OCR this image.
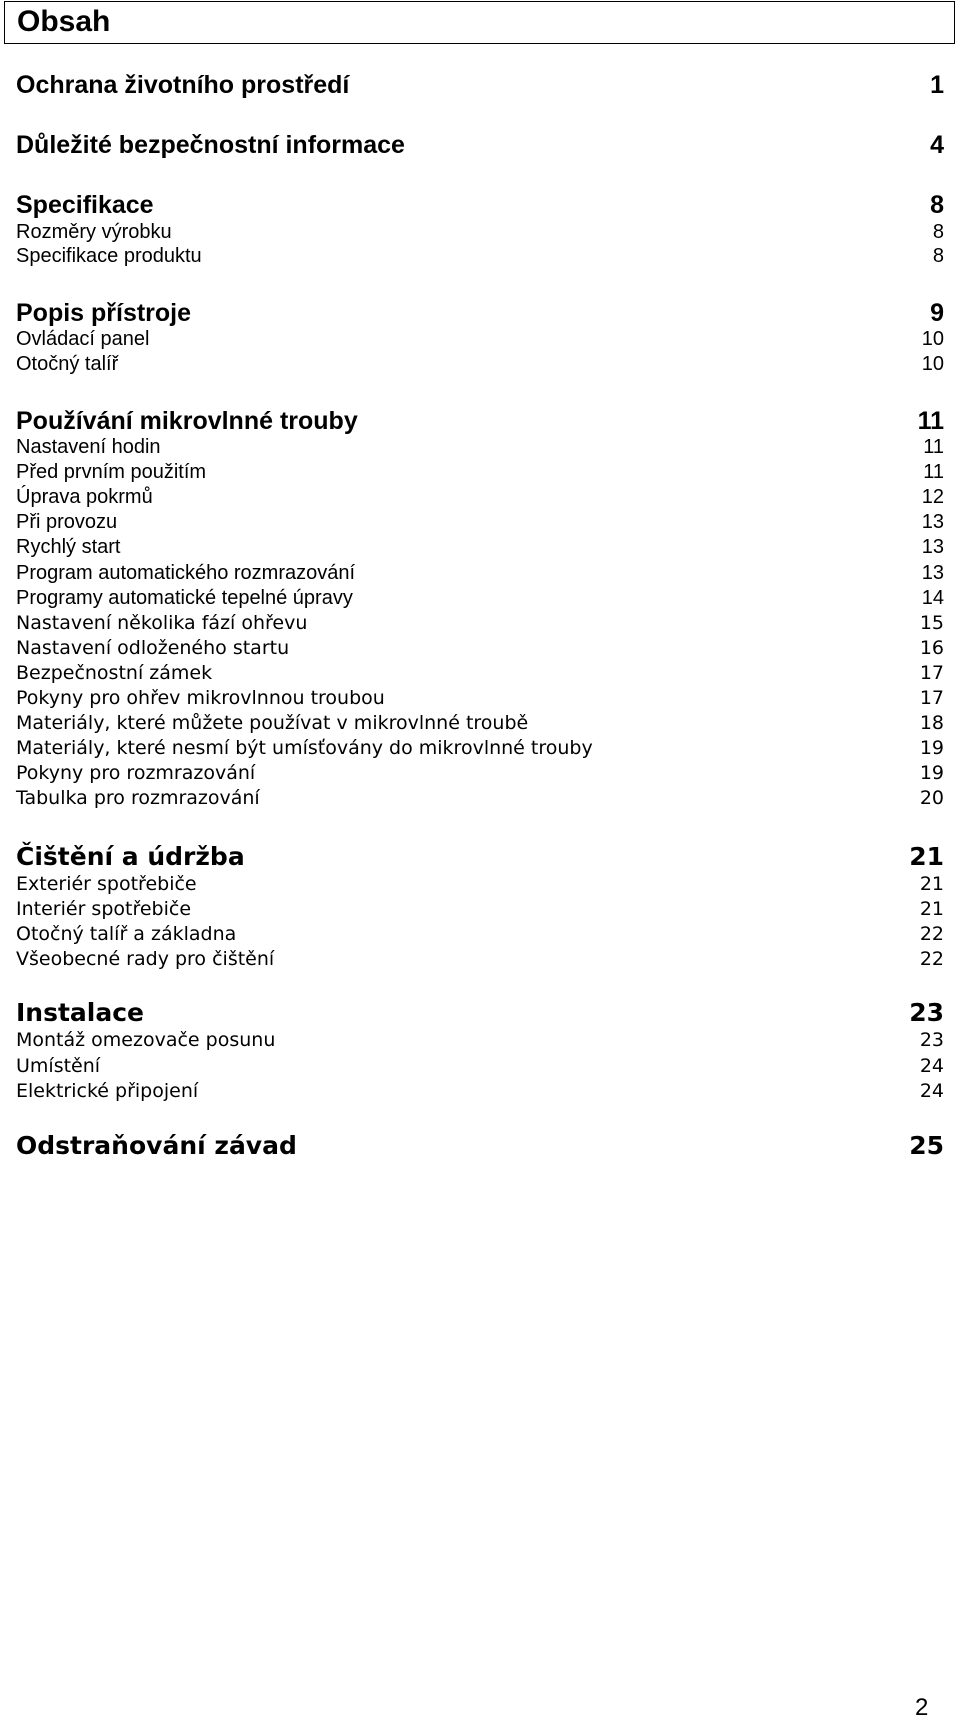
Obsah
Ochrana životního prostředí	1
Důležité bezpečnostní informace	4
Specifikace	8
Rozměry výrobku	8
Specifikace produktu	8
Popis přístroje	9
Ovládací panel	10
Otočný talíř	10
Používání mikrovlnné trouby	11
Nastavení hodin	11
Před prvním použitím	11
Úprava pokrmů	12
Při provozu	13
Rychlý start	13
Program automatického rozmrazování	13
Programy automatické tepelné úpravy	14
Nastavení několika fází ohřevu	15
Nastavení odloženého startu	16
Bezpečnostní zámek	17
Pokyny pro ohřev mikrovlnnou troubou	17
Materiály, které můžete používat v mikrovlnné troubě	18
Materiály, které nesmí být umísťovány do mikrovlnné trouby	19
Pokyny pro rozmrazování	19
Tabulka pro rozmrazování	20
Čištění a údržba	21
Exteriér spotřebiče	21
Interiér spotřebiče	21
Otočný talíř a základna	22
Všeobecné rady pro čištění	22
Instalace	23
Montáž omezovače posunu	23
Umístění	24
Elektrické připojení	24
Odstraňování závad	25
2
